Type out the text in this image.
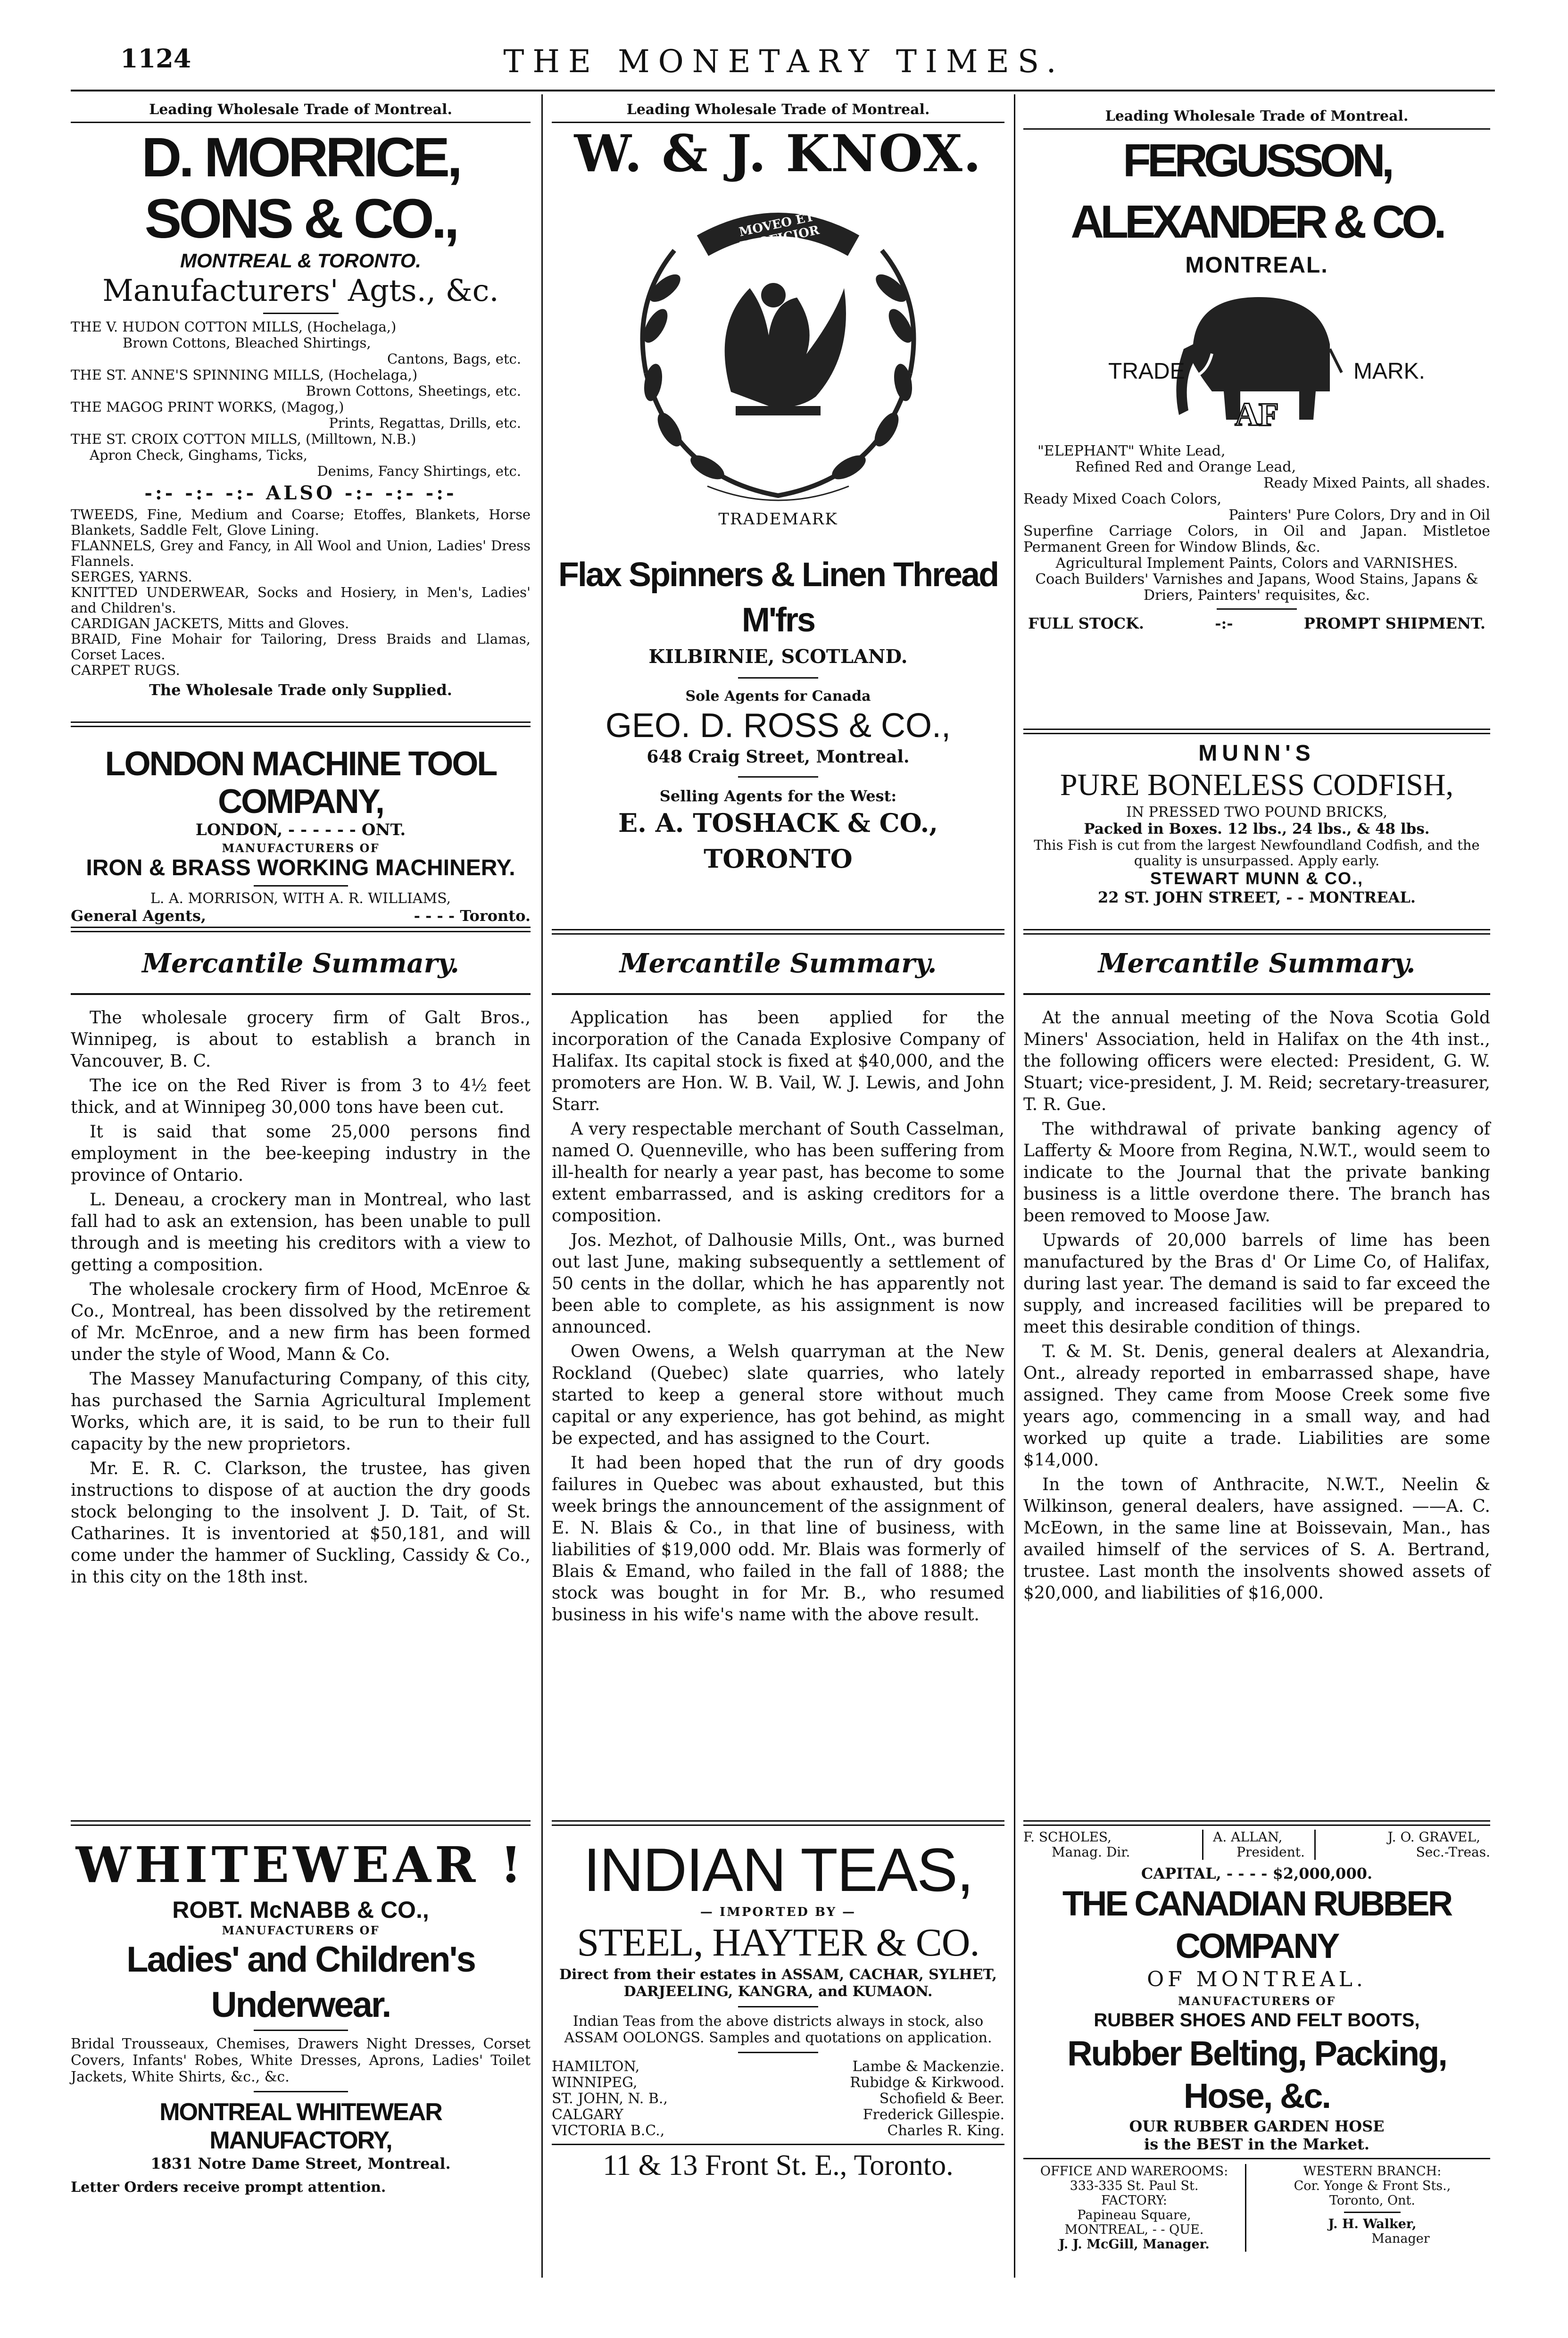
1124	THE MONETARY TIMES.
Leading Wholesale Trade of Montreal.
D. MORRICE, SONS & CO.,
MONTREAL & TORONTO.
Manufacturers' Agts., &c.
THE V. HUDON COTTON MILLS, (Hochelaga,)
Brown Cottons, Bleached Shirtings,
Cantons, Bags, etc.
THE ST. ANNE'S SPINNING MILLS, (Hochelaga,)
Brown Cottons, Sheetings, etc.
THE MAGOG PRINT WORKS, (Magog,)
Prints, Regattas, Drills, etc.
THE ST. CROIX COTTON MILLS, (Milltown, N.B.)
Apron Check, Ginghams, Ticks,
Denims, Fancy Shirtings, etc.
-:- -:- -:- ALSO -:- -:- -:-
TWEEDS, Fine, Medium and Coarse; Etoffes, Blankets, Horse Blankets, Saddle Felt, Glove Lining.
FLANNELS, Grey and Fancy, in All Wool and Union, Ladies' Dress Flannels.
SERGES, YARNS.
KNITTED UNDERWEAR, Socks and Hosiery, in Men's, Ladies' and Children's.
CARDIGAN JACKETS, Mitts and Gloves.
BRAID, Fine Mohair for Tailoring, Dress Braids and Llamas, Corset Laces.
CARPET RUGS.
The Wholesale Trade only Supplied.
LONDON MACHINE TOOL COMPANY,
LONDON, - - - - - - ONT.
MANUFACTURERS OF
IRON & BRASS WORKING MACHINERY.
L. A. MORRISON, WITH A. R. WILLIAMS,
General Agents,	- - - - Toronto.
Mercantile Summary.

The wholesale grocery firm of Galt Bros., Winnipeg, is about to establish a branch in Vancouver, B. C.

The ice on the Red River is from 3 to 4½ feet thick, and at Winnipeg 30,000 tons have been cut.

It is said that some 25,000 persons find employment in the bee-keeping industry in the province of Ontario.

L. Deneau, a crockery man in Montreal, who last fall had to ask an extension, has been unable to pull through and is meeting his creditors with a view to getting a composition.

The wholesale crockery firm of Hood, McEnroe & Co., Montreal, has been dissolved by the retirement of Mr. McEnroe, and a new firm has been formed under the style of Wood, Mann & Co.

The Massey Manufacturing Company, of this city, has purchased the Sarnia Agricultural Implement Works, which are, it is said, to be run to their full capacity by the new proprietors.

Mr. E. R. C. Clarkson, the trustee, has given instructions to dispose of at auction the dry goods stock belonging to the insolvent J. D. Tait, of St. Catharines. It is inventoried at $50,181, and will come under the hammer of Suckling, Cassidy & Co., in this city on the 18th inst.

WHITEWEAR !
ROBT. McNABB & CO.,
MANUFACTURERS OF
Ladies' and Children's Underwear.
Bridal Trousseaux, Chemises, Drawers Night Dresses, Corset Covers, Infants' Robes, White Dresses, Aprons, Ladies' Toilet Jackets, White Shirts, &c., &c.
MONTREAL WHITEWEAR MANUFACTORY,
1831 Notre Dame Street, Montreal.
Letter Orders receive prompt attention.
Leading Wholesale Trade of Montreal.
W. & J. KNOX.
MOVEO ET PROFICIOR
TRADEMARK
Flax Spinners & Linen Thread M'frs
KILBIRNIE, SCOTLAND.
Sole Agents for Canada
GEO. D. ROSS & CO.,
648 Craig Street, Montreal.
Selling Agents for the West:
E. A. TOSHACK & CO., TORONTO
Mercantile Summary.

Application has been applied for the incorporation of the Canada Explosive Company of Halifax. Its capital stock is fixed at $40,000, and the promoters are Hon. W. B. Vail, W. J. Lewis, and John Starr.

A very respectable merchant of South Casselman, named O. Quenneville, who has been suffering from ill-health for nearly a year past, has become to some extent embarrassed, and is asking creditors for a composition.

Jos. Mezhot, of Dalhousie Mills, Ont., was burned out last June, making subsequently a settlement of 50 cents in the dollar, which he has apparently not been able to complete, as his assignment is now announced.

Owen Owens, a Welsh quarryman at the New Rockland (Quebec) slate quarries, who lately started to keep a general store without much capital or any experience, has got behind, as might be expected, and has assigned to the Court.

It had been hoped that the run of dry goods failures in Quebec was about exhausted, but this week brings the announcement of the assignment of E. N. Blais & Co., in that line of business, with liabilities of $19,000 odd. Mr. Blais was formerly of Blais & Emand, who failed in the fall of 1888; the stock was bought in for Mr. B., who resumed business in his wife's name with the above result.

INDIAN TEAS,
— IMPORTED BY —
STEEL, HAYTER & CO.
Direct from their estates in ASSAM, CACHAR, SYLHET, DARJEELING, KANGRA, and KUMAON.
Indian Teas from the above districts always in stock, also ASSAM OOLONGS. Samples and quotations on application.
HAMILTON,	Lambe & Mackenzie.
WINNIPEG,	Rubidge & Kirkwood.
ST. JOHN, N. B.,	Schofield & Beer.
CALGARY	Frederick Gillespie.
VICTORIA B.C.,	Charles R. King.
11 & 13 Front St. E., Toronto.
Leading Wholesale Trade of Montreal.
FERGUSSON, ALEXANDER & CO.
MONTREAL.
TRADE	MARK.
AF
"ELEPHANT" White Lead,
Refined Red and Orange Lead,
Ready Mixed Paints, all shades.
Ready Mixed Coach Colors,
Painters' Pure Colors, Dry and in Oil
Superfine Carriage Colors, in Oil and Japan. Mistletoe Permanent Green for Window Blinds, &c.
Agricultural Implement Paints, Colors and VARNISHES.
Coach Builders' Varnishes and Japans, Wood Stains, Japans & Driers, Painters' requisites, &c.
FULL STOCK.	-:-	PROMPT SHIPMENT.
MUNN'S
PURE BONELESS CODFISH,
IN PRESSED TWO POUND BRICKS,
Packed in Boxes. 12 lbs., 24 lbs., & 48 lbs.
This Fish is cut from the largest Newfoundland Codfish, and the quality is unsurpassed. Apply early.
STEWART MUNN & CO.,
22 ST. JOHN STREET, - - MONTREAL.
Mercantile Summary.

At the annual meeting of the Nova Scotia Gold Miners' Association, held in Halifax on the 4th inst., the following officers were elected: President, G. W. Stuart; vice-president, J. M. Reid; secretary-treasurer, T. R. Gue.

The withdrawal of private banking agency of Lafferty & Moore from Regina, N.W.T., would seem to indicate to the Journal that the private banking business is a little overdone there. The branch has been removed to Moose Jaw.

Upwards of 20,000 barrels of lime has been manufactured by the Bras d' Or Lime Co, of Halifax, during last year. The demand is said to far exceed the supply, and increased facilities will be prepared to meet this desirable condition of things.

T. & M. St. Denis, general dealers at Alexandria, Ont., already reported in embarrassed shape, have assigned. They came from Moose Creek some five years ago, commencing in a small way, and had worked up quite a trade. Liabilities are some $14,000.

In the town of Anthracite, N.W.T., Neelin & Wilkinson, general dealers, have assigned. ——A. C. McEown, in the same line at Boissevain, Man., has availed himself of the services of S. A. Bertrand, trustee. Last month the insolvents showed assets of $20,000, and liabilities of $16,000.

F. SCHOLES,
Manag. Dir.
A. ALLAN,
President.
J. O. GRAVEL,
Sec.-Treas.
CAPITAL, - - - - $2,000,000.
THE CANADIAN RUBBER COMPANY
OF MONTREAL.
MANUFACTURERS OF
RUBBER SHOES AND FELT BOOTS,
Rubber Belting, Packing, Hose, &c.
OUR RUBBER GARDEN HOSE
is the BEST in the Market.
OFFICE AND WAREROOMS:
333-335 St. Paul St.
FACTORY:
Papineau Square,
MONTREAL, - - QUE.
J. J. McGill, Manager.
WESTERN BRANCH:
Cor. Yonge & Front Sts.,
Toronto, Ont.
J. H. Walker,
Manager
